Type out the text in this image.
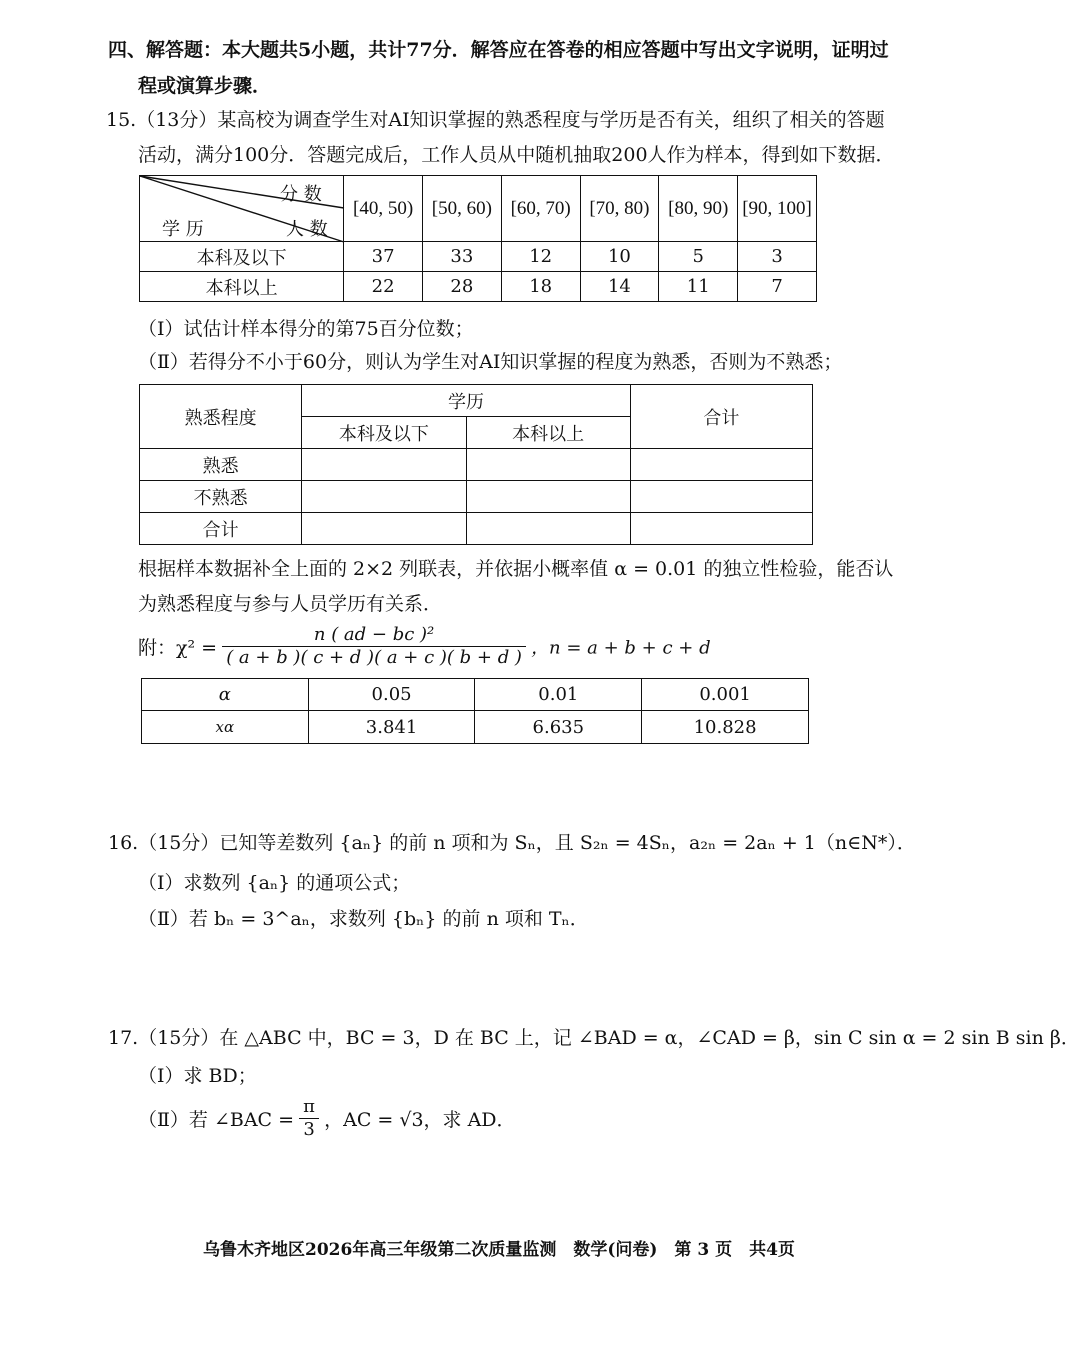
四、解答题：本大题共5小题，共计77分．解答应在答卷的相应答题中写出文字说明，证明过
程或演算步骤．
15.（13分）某高校为调查学生对AI知识掌握的熟悉程度与学历是否有关，组织了相关的答题
活动，满分100分．答题完成后，工作人员从中随机抽取200人作为样本，得到如下数据．
分 数
人 数
学 历	[40, 50)	[50, 60)	[60, 70)	[70, 80)	[80, 90)	[90, 100]
本科及以下	37	33	12	10	5	3
本科以上	22	28	18	14	11	7
（Ⅰ）试估计样本得分的第75百分位数；
（Ⅱ）若得分不小于60分，则认为学生对AI知识掌握的程度为熟悉，否则为不熟悉；
熟悉程度	学历		合计
	本科及以下	本科以上	
熟悉			
不熟悉			
合计			
根据样本数据补全上面的 2×2 列联表，并依据小概率值 α = 0.01 的独立性检验，能否认
为熟悉程度与参与人员学历有关系．
附：$\chi^2 = \frac{\text{n ( ad − bc )²}}{( a + b )( c + d )( a + c )( b + d )}$ ，n = a + b + c + d
α	0.05	0.01	0.001
xα	3.841	6.635	10.828
16.（15分）已知等差数列 {aₙ} 的前 n 项和为 Sₙ，且 S₂ₙ = 4Sₙ，a₂ₙ = 2aₙ + 1（n∈N*）．
（Ⅰ）求数列 {aₙ} 的通项公式；
（Ⅱ）若 bₙ = 3^aₙ，求数列 {bₙ} 的前 n 项和 Tₙ．
17.（15分）在 △ABC 中，BC = 3，D 在 BC 上，记 ∠BAD = α，∠CAD = β，sin C sin α = 2 sin B sin β．
（Ⅰ）求 BD；
（Ⅱ）若 ∠BAC = $\frac{\pi}{3}$ ，AC = √3，求 AD．
乌鲁木齐地区2026年高三年级第二次质量监测　数学(问卷)　第 3 页　共4页
